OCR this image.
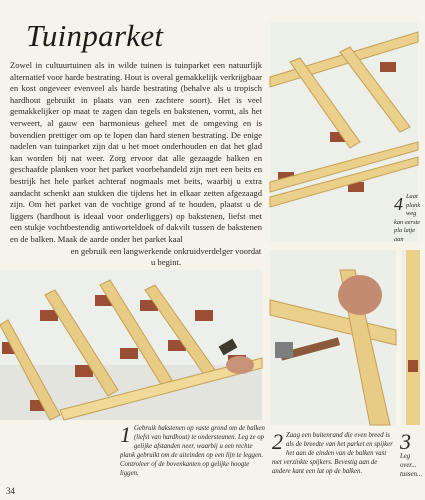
Tuinparket

Zowel in cultuurtuinen als in wilde tuinen is tuinparket een natuurlijk alternatief voor harde bestrating. Hout is overal gemakkelijk verkrijgbaar en kost ongeveer evenveel als harde bestrating (behalve als u tropisch hardhout gebruikt in plaats van een zachtere soort). Het is veel gemakkelijker op maat te zagen dan tegels en bakstenen, vormt, als het verweert, al gauw een harmonieus geheel met de omgeving en is bovendien prettiger om op te lopen dan hard stenen bestrating. De enige nadelen van tuinparket zijn dat u het moet onderhouden en dat het glad kan worden bij nat weer. Zorg ervoor dat alle gezaagde balken en geschaafde planken voor het parket voorbehandeld zijn met een beits en bestrijk het hele parket achteraf nogmaals met beits, waarbij u extra aandacht schenkt aan stukken die tijdens het in elkaar zetten afgezaagd zijn. Om het parket van de vochtige grond af te houden, plaatst u de liggers (hardhout is ideaal voor onderliggers) op bakstenen, liefst met een stukje vochtbestendig antiworteldoek of dakvilt tussen de bakstenen en de balken. Maak de aarde onder het parket kaal
en gebruik een langwerkende onkruidverdelger voordat u begint.

4 Laat plank weg kan eerste pla latje aan
1 Gebruik bakstenen op vaste grond om de balken (liefst van hardhout) te ondersteunen. Leg ze op gelijke afstanden neer, waarbij u een rechte plank gebruikt om de uiteinden op een lijn te leggen. Controleer of de bovenkanten op gelijke hoogte liggen.
2 Zaag een buitenrand die even breed is als de breedte van het parket en spijker het aan de einden van de balken vast met verzinkte spijkers. Bevestig aan de andere kant een lat op de balken.
3
Leg over... tussen...
34
